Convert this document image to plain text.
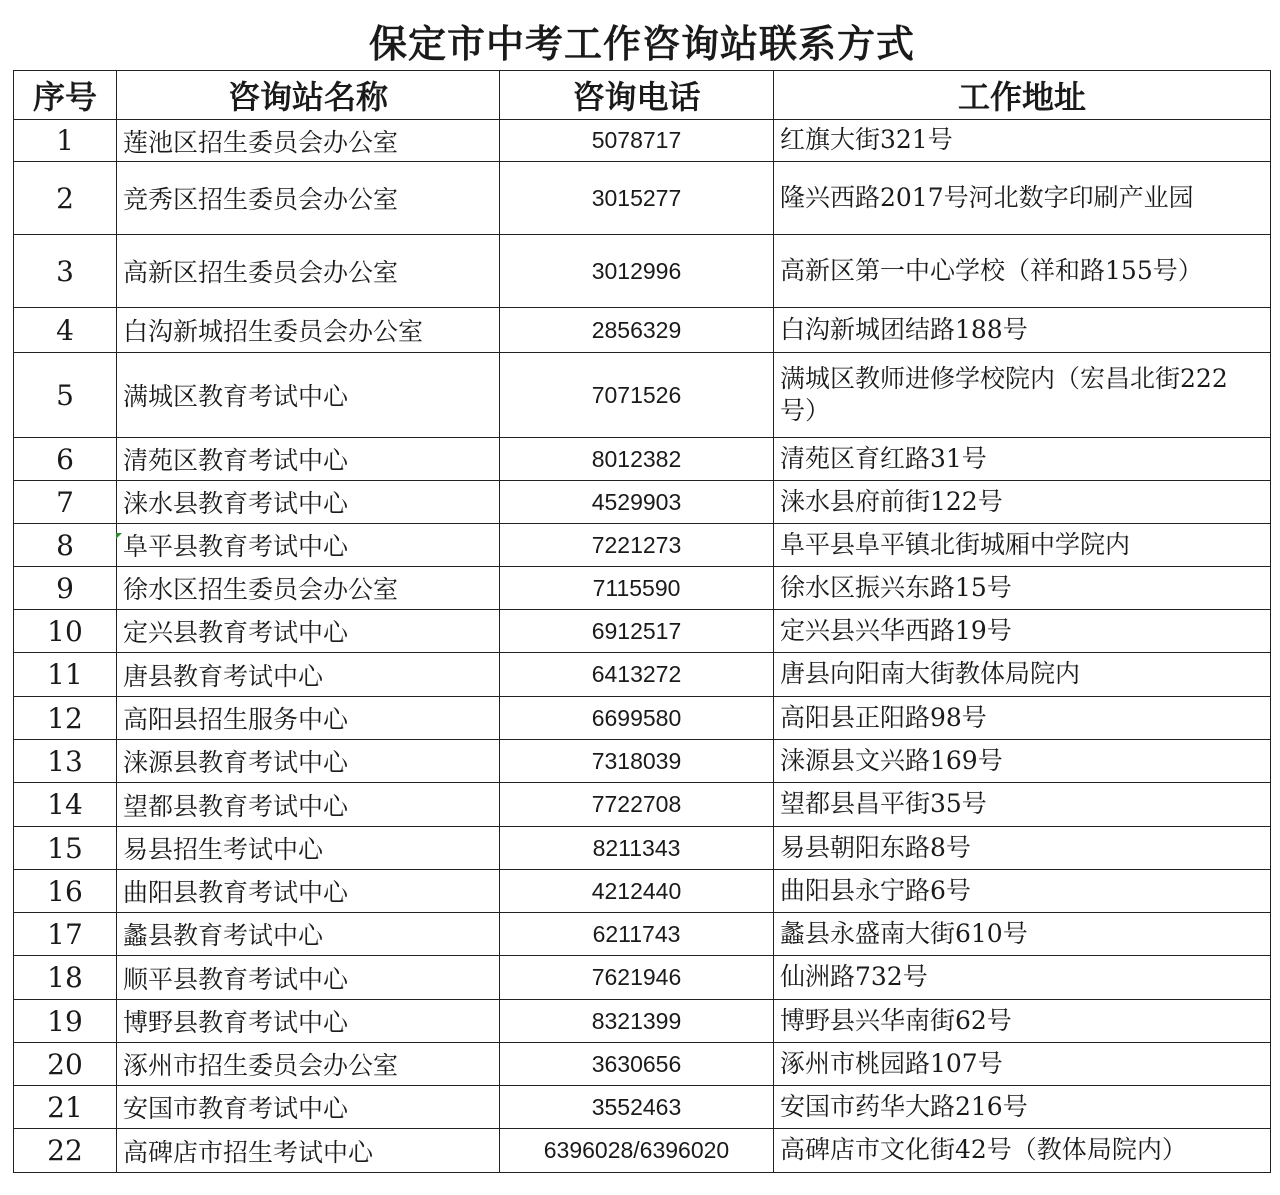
保定市中考工作咨询站联系方式			
序号	咨询站名称	咨询电话	工作地址
1	莲池区招生委员会办公室	5078717	红旗大街321号
2	竞秀区招生委员会办公室	3015277	隆兴西路2017号河北数字印刷产业园
3	高新区招生委员会办公室	3012996	高新区第一中心学校（祥和路155号）
4	白沟新城招生委员会办公室	2856329	白沟新城团结路188号
5	满城区教育考试中心	7071526	满城区教师进修学校院内（宏昌北街222号）
6	清苑区教育考试中心	8012382	清苑区育红路31号
7	涞水县教育考试中心	4529903	涞水县府前街122号
8	阜平县教育考试中心	7221273	阜平县阜平镇北街城厢中学院内
9	徐水区招生委员会办公室	7115590	徐水区振兴东路15号
10	定兴县教育考试中心	6912517	定兴县兴华西路19号
11	唐县教育考试中心	6413272	唐县向阳南大街教体局院内
12	高阳县招生服务中心	6699580	高阳县正阳路98号
13	涞源县教育考试中心	7318039	涞源县文兴路169号
14	望都县教育考试中心	7722708	望都县昌平街35号
15	易县招生考试中心	8211343	易县朝阳东路8号
16	曲阳县教育考试中心	4212440	曲阳县永宁路6号
17	蠡县教育考试中心	6211743	蠡县永盛南大街610号
18	顺平县教育考试中心	7621946	仙洲路732号
19	博野县教育考试中心	8321399	博野县兴华南街62号
20	涿州市招生委员会办公室	3630656	涿州市桃园路107号
21	安国市教育考试中心	3552463	安国市药华大路216号
22	高碑店市招生考试中心	6396028/6396020	高碑店市文化街42号（教体局院内）
